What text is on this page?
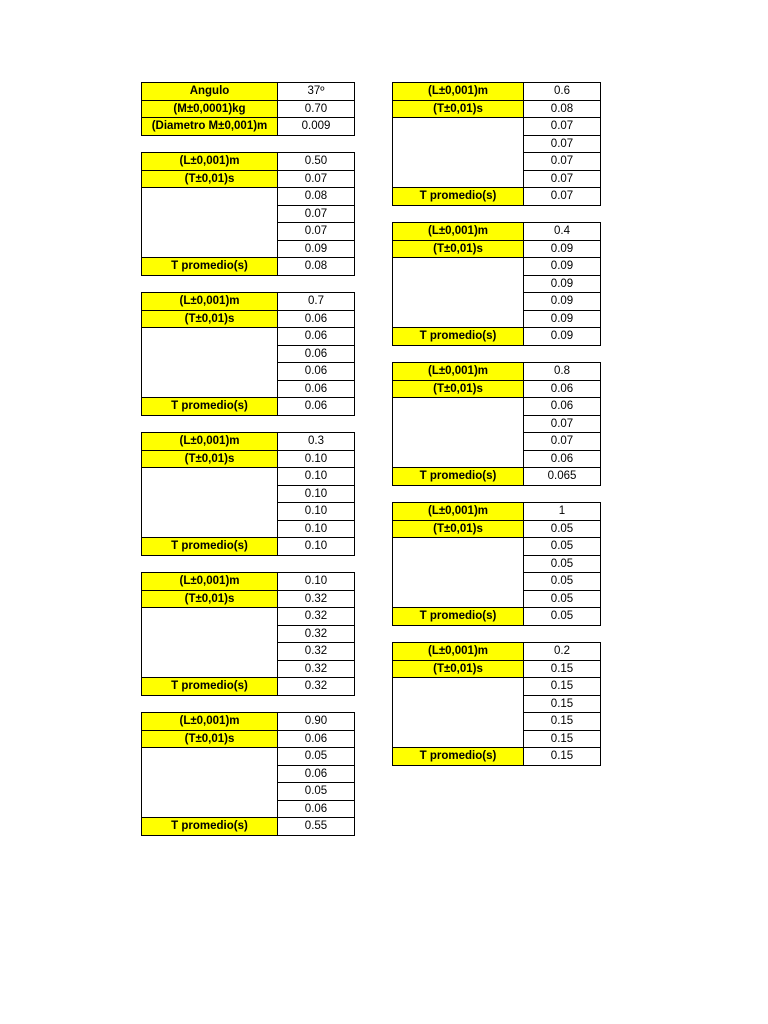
Angulo	37º
(M±0,0001)kg	0.70
(Diametro M±0,001)m	0.009
(L±0,001)m	0.50
(T±0,01)s	0.07
	0.08
	0.07
	0.07
	0.09
T promedio(s)	0.08
(L±0,001)m	0.7
(T±0,01)s	0.06
	0.06
	0.06
	0.06
	0.06
T promedio(s)	0.06
(L±0,001)m	0.3
(T±0,01)s	0.10
	0.10
	0.10
	0.10
	0.10
T promedio(s)	0.10
(L±0,001)m	0.10
(T±0,01)s	0.32
	0.32
	0.32
	0.32
	0.32
T promedio(s)	0.32
(L±0,001)m	0.90
(T±0,01)s	0.06
	0.05
	0.06
	0.05
	0.06
T promedio(s)	0.55
(L±0,001)m	0.6
(T±0,01)s	0.08
	0.07
	0.07
	0.07
	0.07
T promedio(s)	0.07
(L±0,001)m	0.4
(T±0,01)s	0.09
	0.09
	0.09
	0.09
	0.09
T promedio(s)	0.09
(L±0,001)m	0.8
(T±0,01)s	0.06
	0.06
	0.07
	0.07
	0.06
T promedio(s)	0.065
(L±0,001)m	1
(T±0,01)s	0.05
	0.05
	0.05
	0.05
	0.05
T promedio(s)	0.05
(L±0,001)m	0.2
(T±0,01)s	0.15
	0.15
	0.15
	0.15
	0.15
T promedio(s)	0.15
